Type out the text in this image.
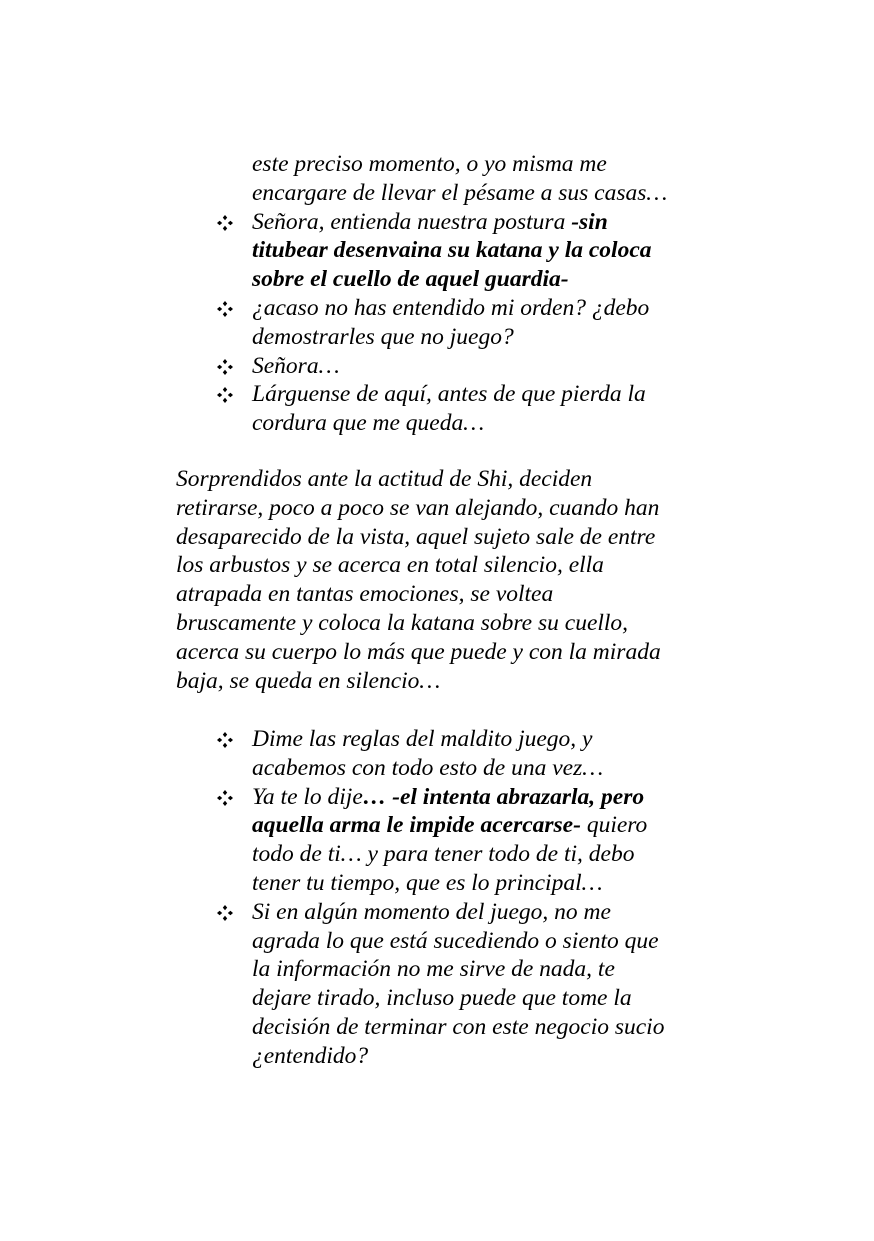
este preciso momento, o yo misma me
encargare de llevar el pésame a sus casas…
Señora, entienda nuestra postura -sin
titubear desenvaina su katana y la coloca
sobre el cuello de aquel guardia-
¿acaso no has entendido mi orden? ¿debo
demostrarles que no juego?
Señora…
Lárguense de aquí, antes de que pierda la
cordura que me queda…
Sorprendidos ante la actitud de Shi, deciden
retirarse, poco a poco se van alejando, cuando han
desaparecido de la vista, aquel sujeto sale de entre
los arbustos y se acerca en total silencio, ella
atrapada en tantas emociones, se voltea
bruscamente y coloca la katana sobre su cuello,
acerca su cuerpo lo más que puede y con la mirada
baja, se queda en silencio…
Dime las reglas del maldito juego, y
acabemos con todo esto de una vez…
Ya te lo dije… -el intenta abrazarla, pero
aquella arma le impide acercarse- quiero
todo de ti… y para tener todo de ti, debo
tener tu tiempo, que es lo principal…
Si en algún momento del juego, no me
agrada lo que está sucediendo o siento que
la información no me sirve de nada, te
dejare tirado, incluso puede que tome la
decisión de terminar con este negocio sucio
¿entendido?
